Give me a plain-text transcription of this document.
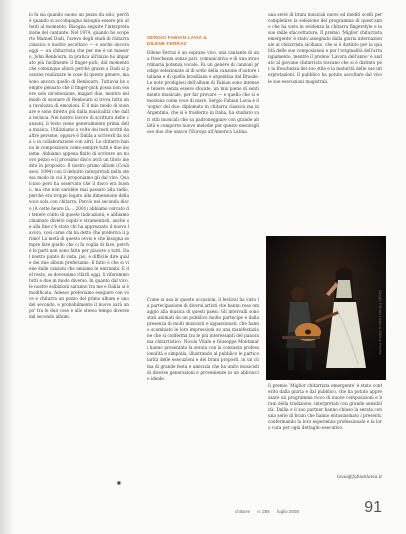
lo fa sia quando suono un pezzo da solo, perché quando si accompagna bisogna essere più attenti al momento. Bisogna seguire l'interpretazione del cantante. Nel 1974, quando ho scoperto Manuel Dadi, l'avevo degli studi di chitarra classica e inoltre ascoltavo — e anche ancora oggi — un chitarrista che per me è un maestro, John Renbourn, in pratica all'inizio ho imparato più facilmente il finger-pick, dal momento che comunque allora perché grazie a Dadi si possono realizzare le cose di questo genere, ma sono ancora quello di Renbourn. Tuttavia ho sempre pensato che il finger-pick possa non essere solo un'emozione, magari due, mentre nel modo di suonare di Renbourn si trova tutta una tavolozza di emozioni. È il mio modo di suonare e sono diretto più dalla musicalità che dalla tecnica. Nel nostro lavoro di scrittura delle canzoni, il testo viene generalmente prima della musica. Utilizziamo a volte dei testi scritti da altre persone, oppure è Dalila a scriverli da sola o in collaborazione con altri. Le chitarre hanno le composizioni come sempre tutti e due insieme. Abbiamo appena finito di scrivere un nuovo pezzo e il prossimo disco avrà un titolo inedito in proposito. Il nostro primo album (Coulisses, 1994) con il debutto interpretati nella stessa modo in cui li proponiamo gli dal vivo. Qualcuno però ha osservato che il disco era buono, ma che non sarebbe mai passato alla radio, perché era troppo legato alla dimensione della voce sola con chitarra. Perciò nel secondo disco (À cette heure là..., 2001) abbiamo cercato di tenere conto di queste indicazioni, e abbiamo chiamato diversi ospiti e strumentisti, anche se alla fine c'è stato chi ha apprezzato il nuovo lavoro, così come chi ha detto che preferiva il primo! La metà di questo ovvio è che bisogna sempre fare quello che ci fa voglia di fare, perché le parti non sono fatte per piacere a tutti. Dal nostro punto di vista, poi, è difficile dire quale dei due album preferiamo. Il fatto è che si viene dalle canzoni che amiamo in entrambi. E del resto, se dovessimo rifarli oggi, li rifaremmo tutti e due in modo diverso. In quanto dal vivo, le nostre esibizioni saranno tra me e Dalila si è modificata. Adesso preferiamo eseguire con voce e chitarra un pezzo del primo album e uno del secondo, e probabilmente il nuovo sarà un po' tra le due cose e allo stesso tempo diverse dal secondo album.
SERGIO FABIAN LAVIA &
DILENE FERRAZ
Dilene Ferraz è un soprano vivo, una cantante di una freschezza senza pari, comunicativa e di una straordinaria potenza vocale. Fa un genere di canzoni prodige selezionate al di sotto della canzone d'autore italiana e di quella brasiliana e argentina dal Brasile. Le note prodigiosi dell'album di Fabian sono intense e tenere senza essere sfocate, un mix pieno di sentimento musicale, per far provare — e quello che si emoziona come voce di mare. Sergio Fabian Lavia è il 'sogno' del duo: diplomato in chitarra classica ma in Argentina, che si è trasferito in Italia, ha studiato vari stili musicali che sa padroneggiare con grande abilità e comporre nuove melodie per questo meraviglioso duo che unisce l'Europa all'America Latina.
Come si usa in queste occasioni, il festival ha visto la partecipazione di diversi artisti che hanno reso omaggio alla musica di questi paesi. Gli intervalli sono stati animati da un pubblico molto partecipe e dalla presenza di molti musicisti e appassionati, che hanno scambiato le loro impressioni su una manifestazione che si conferma tra le più interessanti del panorama chitarristico. Nicola Vitale e Giuseppe Montanari hanno presentato la serata con la consueta professionalità e simpatia, illustrando al pubblico le particolarità delle esecuzioni e dei brani proposti, in un clima di grande festa e amicizia che ha unito musicisti di diverse generazioni e provenienze in un abbraccio ideale.
una serie di brani musicali nuovi ed inediti scelti per completare la selezione del programma di quest'anno che ha visto in evidenza la chitarra fingerstyle e le sue mille sfaccettature. Il premio 'Miglior chitarrista emergente' è stato assegnato dalla giuria internazionale al chitarrista siciliano, che si è distinto per la qualità delle sue composizioni e per l'originalità dell'arrangiamento, mentre il premio 'Lavora dell'anno' è andato al giovane chitarrista toscano che si è distinto per la freschezza del suo stile e la maturità delle sue interpretazioni. Il pubblico ha potuto ascoltare dal vivo le sue esecuzioni magistrali.
Sergio Fabian Lavia & Dilene Ferraz
Il premio 'Miglior chitarrista emergente' è stato conferito dalla giuria e dal pubblico, che ha potuto apprezzare un programma ricco di nuove composizioni e brani della tradizione, interpretati con grande sensibilità. Dalila e il suo partner hanno chiuso la serata con una serie di brani che hanno entusiasmato i presenti, confermando la loro esperienza professionale e la loro cura per ogni dettaglio esecutivo.
lavia@fabianlavia.it
■
chitarre n. 286 luglio 2008	91
